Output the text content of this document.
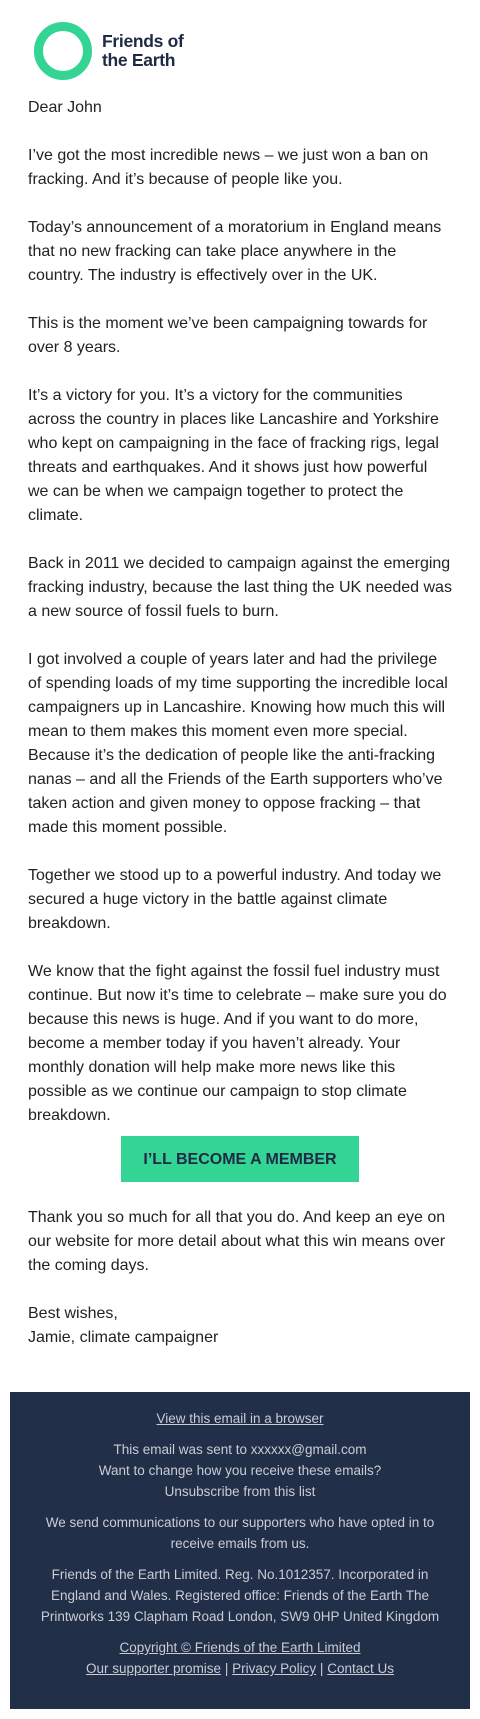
Friends of
the Earth

Dear John

I’ve got the most incredible news – we just won a ban on fracking. And it’s because of people like you.

Today’s announcement of a moratorium in England means that no new fracking can take place anywhere in the country. The industry is effectively over in the UK.

This is the moment we’ve been campaigning towards for over 8 years.

It’s a victory for you. It’s a victory for the communities across the country in places like Lancashire and Yorkshire who kept on campaigning in the face of fracking rigs, legal threats and earthquakes. And it shows just how powerful we can be when we campaign together to protect the climate.

Back in 2011 we decided to campaign against the emerging fracking industry, because the last thing the UK needed was a new source of fossil fuels to burn.

I got involved a couple of years later and had the privilege of spending loads of my time supporting the incredible local campaigners up in Lancashire. Knowing how much this will mean to them makes this moment even more special. Because it’s the dedication of people like the anti-fracking nanas – and all the Friends of the Earth supporters who’ve taken action and given money to oppose fracking – that made this moment possible.

Together we stood up to a powerful industry. And today we secured a huge victory in the battle against climate breakdown.

We know that the fight against the fossil fuel industry must continue. But now it’s time to celebrate – make sure you do because this news is huge. And if you want to do more, become a member today if you haven’t already. Your monthly donation will help make more news like this possible as we continue our campaign to stop climate breakdown.

I’LL BECOME A MEMBER

Thank you so much for all that you do. And keep an eye on our website for more detail about what this win means over the coming days.

Best wishes,

Jamie, climate campaigner

View this email in a browser
This email was sent to xxxxxx@gmail.com
Want to change how you receive these emails?
Unsubscribe from this list
We send communications to our supporters who have opted in to receive emails from us.
Friends of the Earth Limited. Reg. No.1012357. Incorporated in England and Wales. Registered office: Friends of the Earth The Printworks 139 Clapham Road London, SW9 0HP United Kingdom
Copyright © Friends of the Earth Limited
Our supporter promise | Privacy Policy | Contact Us
